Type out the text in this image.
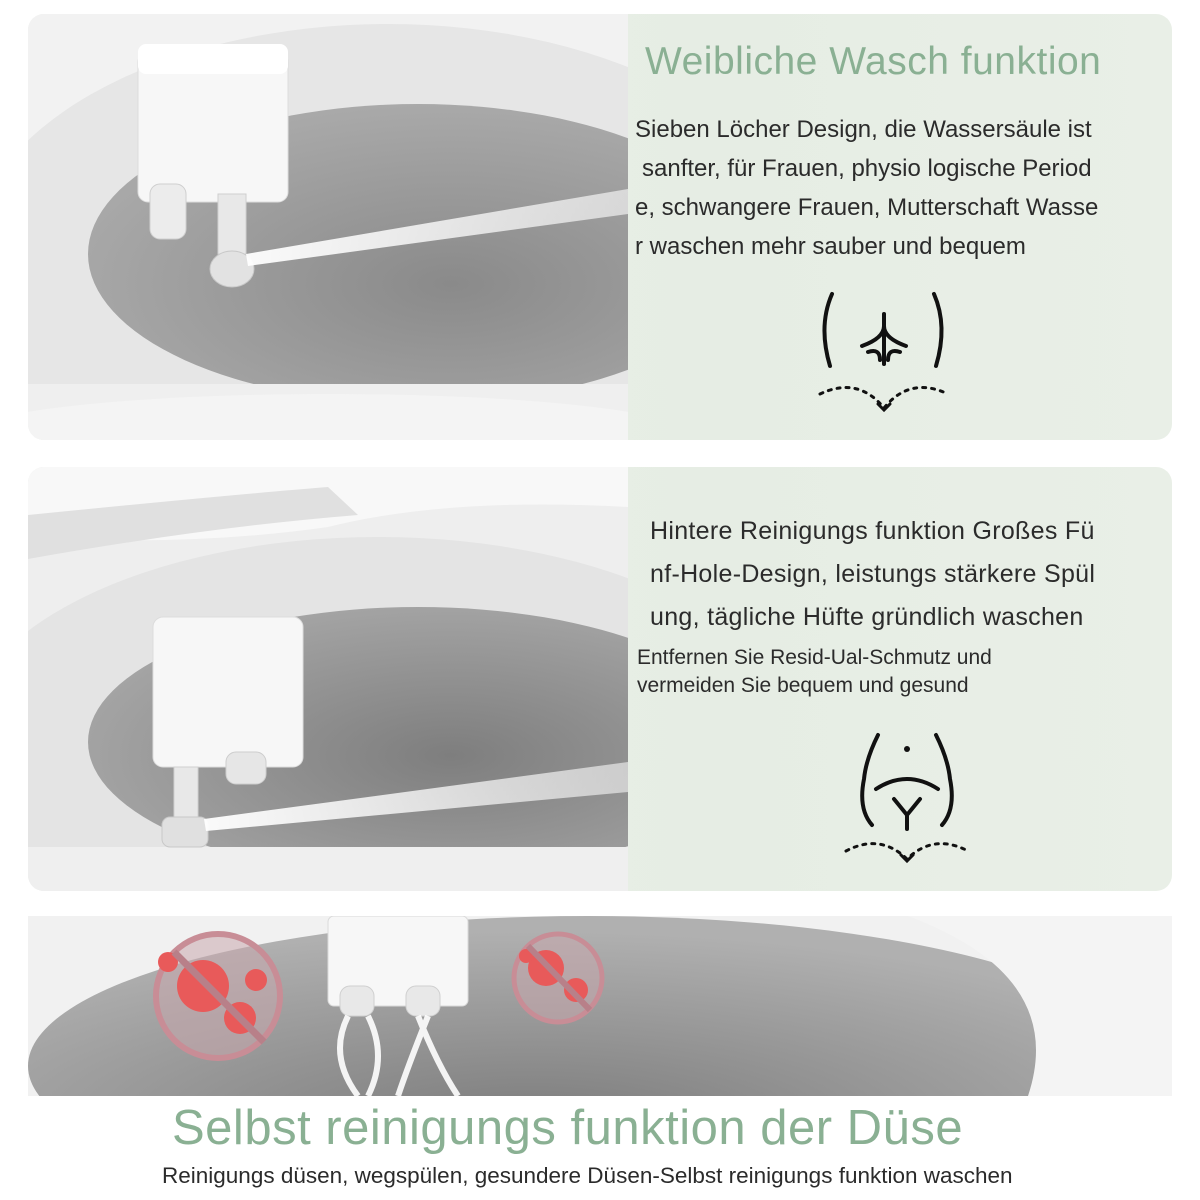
Weibliche Wasch funktion
Sieben Löcher Design, die Wassersäule ist
sanfter, für Frauen, physio logische Period
e, schwangere Frauen, Mutterschaft Wasse
r waschen mehr sauber und bequem
Hintere Reinigungs funktion Großes Fü
nf-Hole-Design, leistungs stärkere Spül
ung, tägliche Hüfte gründlich waschen
Entfernen Sie Resid-Ual-Schmutz und
vermeiden Sie bequem und gesund
Selbst reinigungs funktion der Düse
Reinigungs düsen, wegspülen, gesundere Düsen-Selbst reinigungs funktion waschen
